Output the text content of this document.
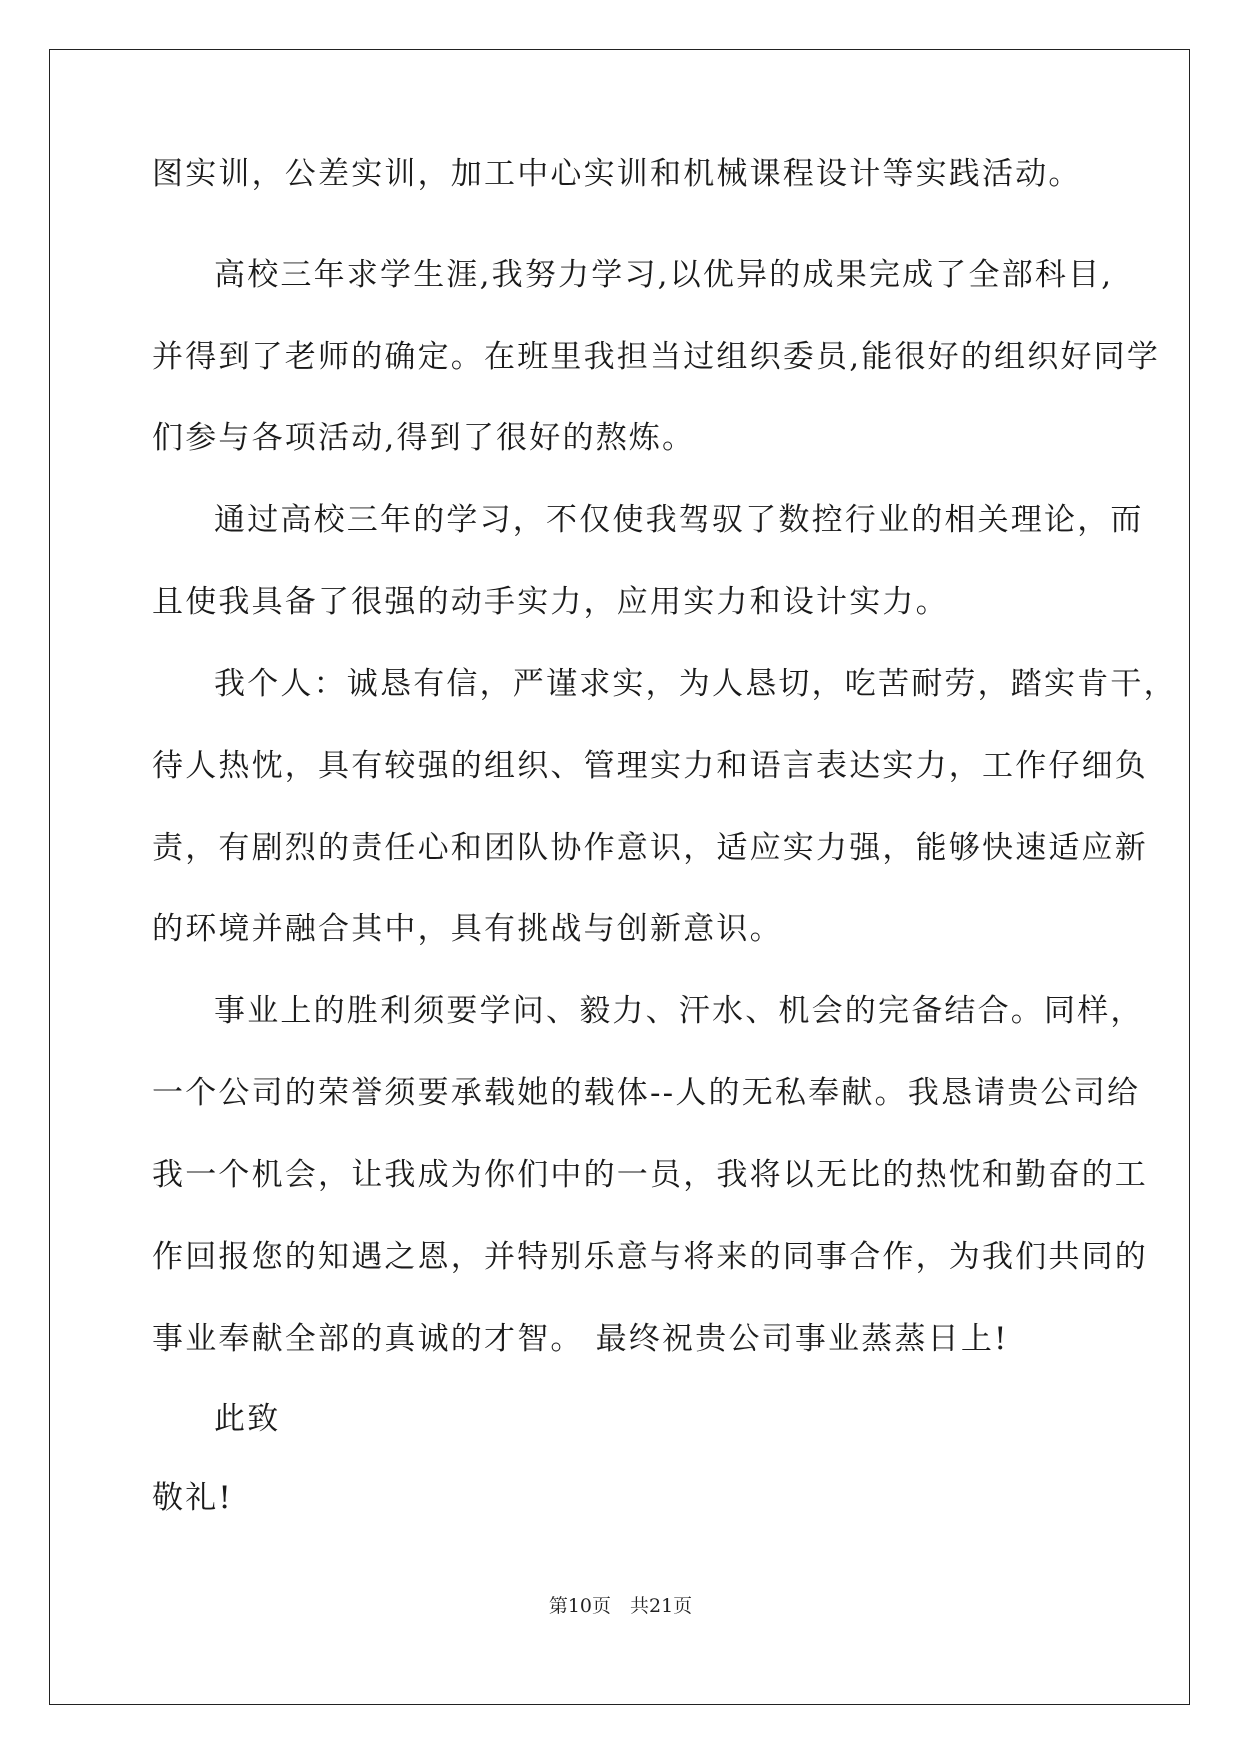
图实训，公差实训，加工中心实训和机械课程设计等实践活动。
高校三年求学生涯,我努力学习,以优异的成果完成了全部科目,
并得到了老师的确定。在班里我担当过组织委员,能很好的组织好同学
们参与各项活动,得到了很好的熬炼。
通过高校三年的学习，不仅使我驾驭了数控行业的相关理论，而
且使我具备了很强的动手实力，应用实力和设计实力。
我个人：诚恳有信，严谨求实，为人恳切，吃苦耐劳，踏实肯干，
待人热忱，具有较强的组织、管理实力和语言表达实力，工作仔细负
责，有剧烈的责任心和团队协作意识，适应实力强，能够快速适应新
的环境并融合其中，具有挑战与创新意识。
事业上的胜利须要学问、毅力、汗水、机会的完备结合。同样，
一个公司的荣誉须要承载她的载体--人的无私奉献。我恳请贵公司给
我一个机会，让我成为你们中的一员，我将以无比的热忱和勤奋的工
作回报您的知遇之恩，并特别乐意与将来的同事合作，为我们共同的
事业奉献全部的真诚的才智。 最终祝贵公司事业蒸蒸日上!
此致
敬礼!
第10页　共21页
